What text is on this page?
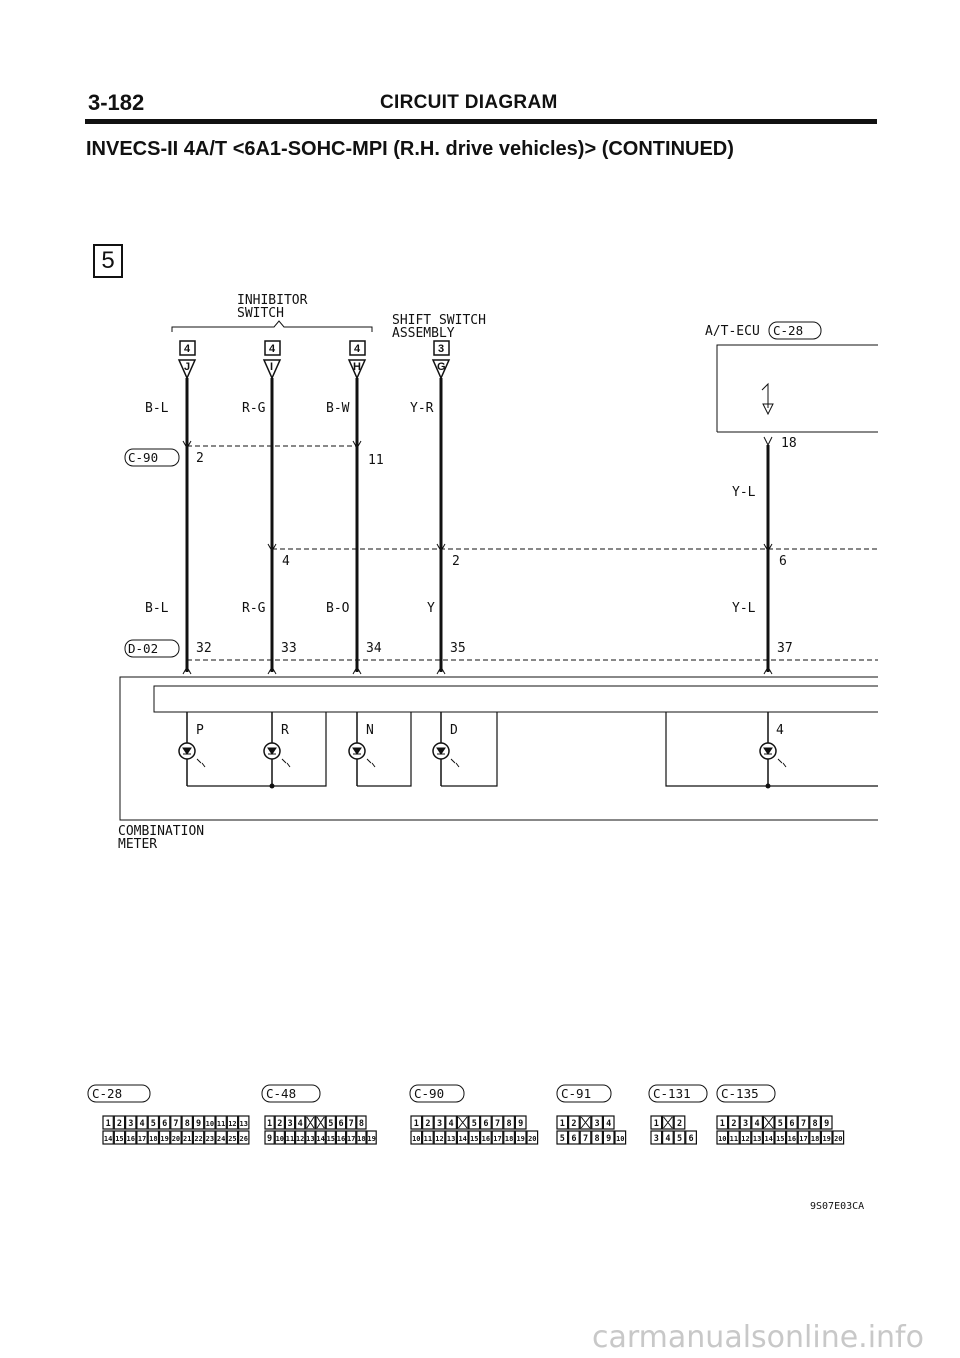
3-182	CIRCUIT DIAGRAM
INVECS-II 4A/T <6A1-SOHC-MPI (R.H. drive vehicles)> (CONTINUED)
5
INHIBITOR
SWITCH	SHIFT SWITCH
ASSEMBLY	A/T-ECU C-28
4	4	4	3
J	I	H	G
B-L	R-G	B-W	Y-R
18
C-90	2	11
Y-L
4	2	6
B-L	R-G	B-O	Y	Y-L
D-02	32	33	34	35	37
P	R	N	D	4
COMBINATION
METER
C-28
1 2 3 4 5 6 7 8 9 10 11 12 13
14 15 16 17 18 19 20 21 22 23 24 25 26
C-48
1 2 3 4	5 6 7 8
9 10 11 12 13 14 15 16 17 18 19
C-90
1 2 3 4 5 6 7 8 9
10 11 12 13 14 15 16 17 18 19 20
C-91
1 2 3 4
5 6 7 8 9 10
C-131
1 2
3 4 5 6
C-135
1 2 3 4 5 6 7 8 9
10 11 12 13 14 15 16 17 18 19 20
9S07E03CA
carmanualsonline.info
